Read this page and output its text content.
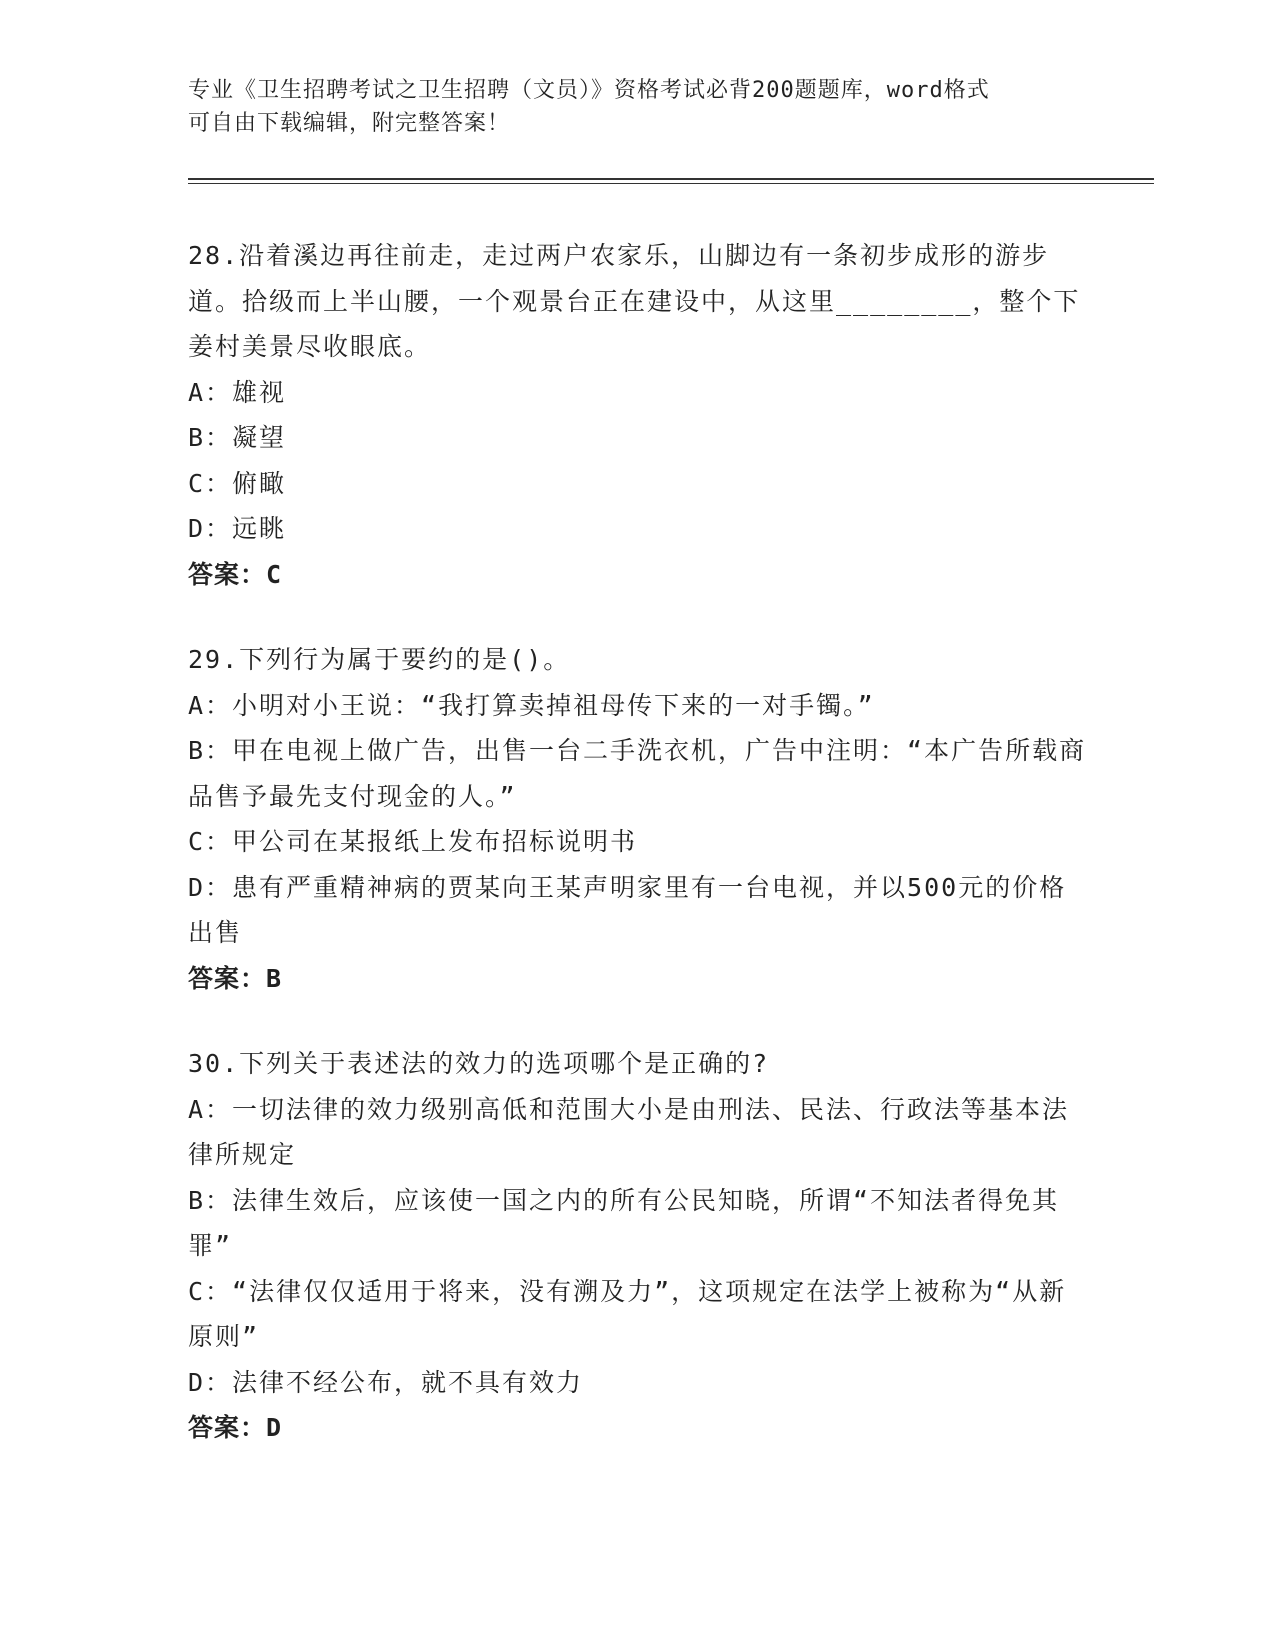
专业《卫生招聘考试之卫生招聘（文员）》资格考试必背200题题库，word格式
可自由下载编辑，附完整答案！
28.沿着溪边再往前走，走过两户农家乐，山脚边有一条初步成形的游步道。拾级而上半山腰，一个观景台正在建设中，从这里________，整个下姜村美景尽收眼底。
A：雄视
B：凝望
C：俯瞰
D：远眺
答案：C
29.下列行为属于要约的是()。
A：小明对小王说：“我打算卖掉祖母传下来的一对手镯。”
B：甲在电视上做广告，出售一台二手洗衣机，广告中注明：“本广告所载商品售予最先支付现金的人。”
C：甲公司在某报纸上发布招标说明书
D：患有严重精神病的贾某向王某声明家里有一台电视，并以500元的价格出售
答案：B
30.下列关于表述法的效力的选项哪个是正确的?
A：一切法律的效力级别高低和范围大小是由刑法、民法、行政法等基本法律所规定
B：法律生效后，应该使一国之内的所有公民知晓，所谓“不知法者得免其罪”
C：“法律仅仅适用于将来，没有溯及力”，这项规定在法学上被称为“从新原则”
D：法律不经公布，就不具有效力
答案：D
